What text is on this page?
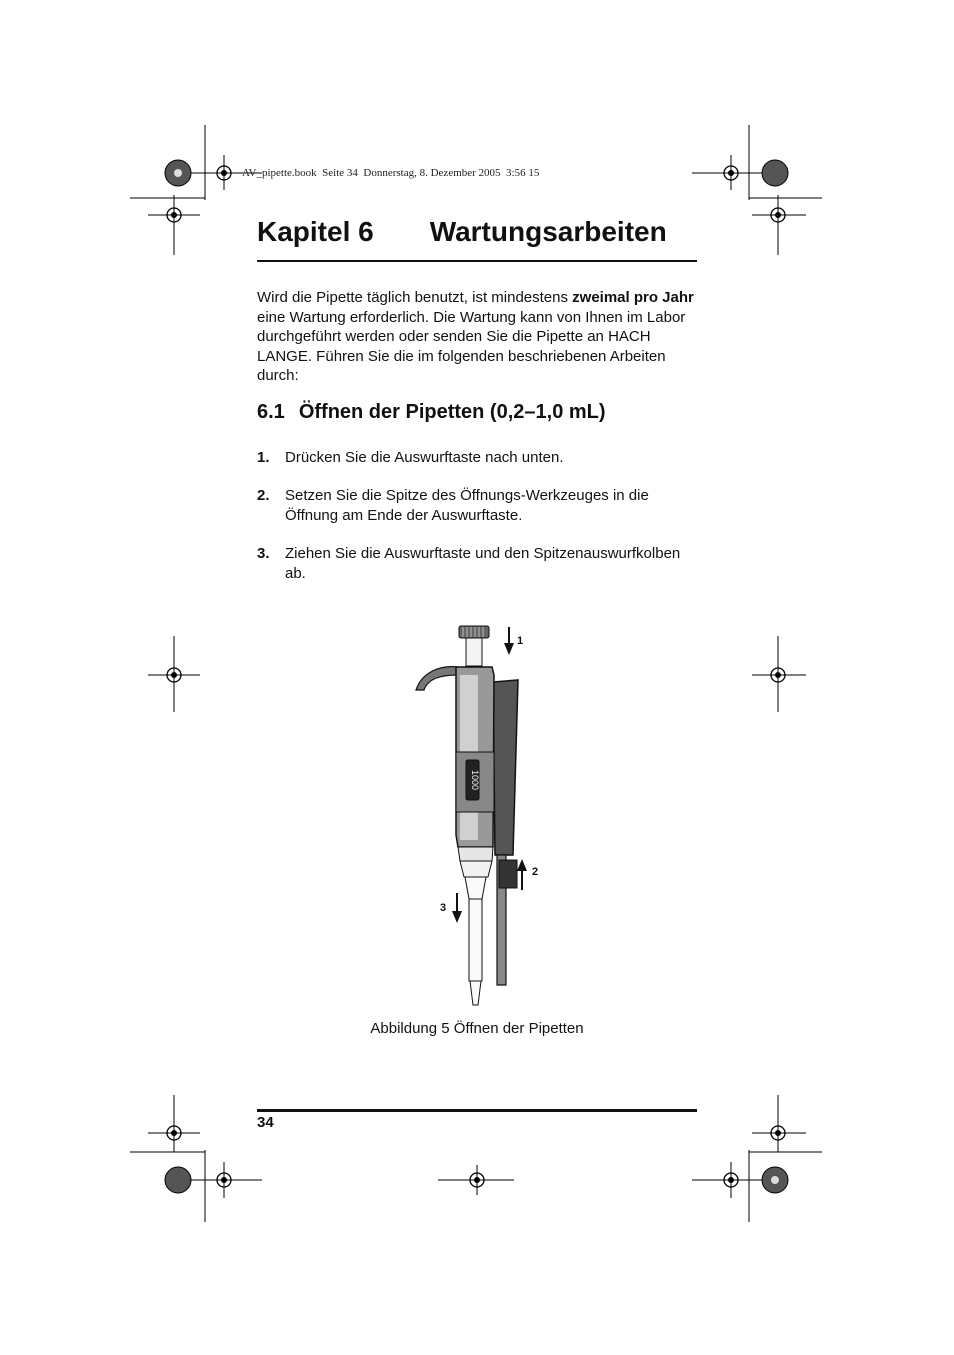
AV_pipette.book  Seite 34  Donnerstag, 8. Dezember 2005  3:56 15
Kapitel 6 Wartungsarbeiten
Wird die Pipette täglich benutzt, ist mindestens zweimal pro Jahr eine Wartung erforderlich. Die Wartung kann von Ihnen im Labor durchgeführt werden oder senden Sie die Pipette an HACH LANGE. Führen Sie die im folgenden beschriebenen Arbeiten durch:
6.1 Öffnen der Pipetten (0,2–1,0 mL)
1. Drücken Sie die Auswurftaste nach unten.
2. Setzen Sie die Spitze des Öffnungs-Werkzeuges in die Öffnung am Ende der Auswurftaste.
3. Ziehen Sie die Auswurftaste und den Spitzenauswurfkolben ab.
1000
1
2
3
Abbildung 5 Öffnen der Pipetten
34
